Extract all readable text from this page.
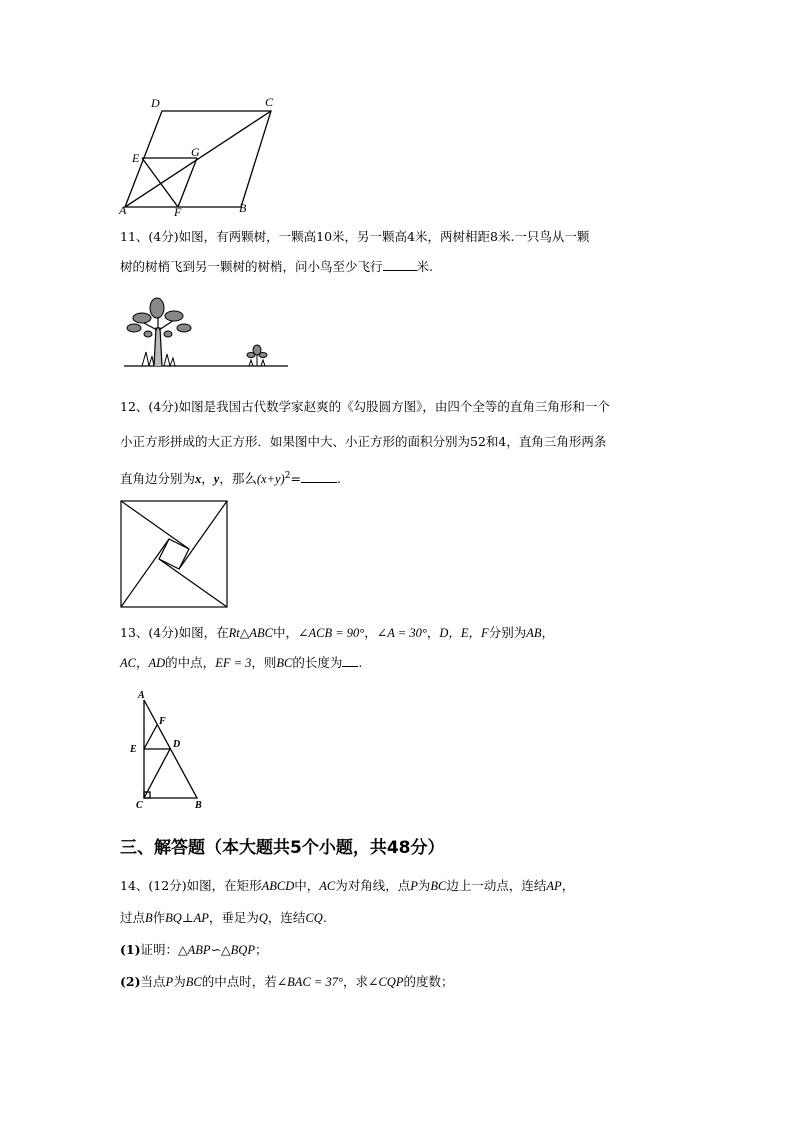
D	C
E	G
A	F	B
11、(4分)如图，有两颗树，一颗高10米，另一颗高4米，两树相距8米.一只鸟从一颗
树的树梢飞到另一颗树的树梢，问小鸟至少飞行	米.
12、(4分)如图是我国古代数学家赵爽的《勾股圆方图》，由四个全等的直角三角形和一个
小正方形拼成的大正方形．如果图中大、小正方形的面积分别为52和4，直角三角形两条
直角边分别为x，y，那么$(x+y)^2=$	.
13、(4分)如图，在Rt△ABC中，∠ACB = 90°，∠A = 30°，D，E，F分别为AB，
AC，AD的中点，EF = 3，则BC的长度为 .
A
F
E	D
C	B
三、解答题（本大题共5个小题，共48分）
14、(12分)如图，在矩形ABCD中，AC为对角线，点P为BC边上一动点，连结AP，
过点B作BQ⊥AP，垂足为Q，连结CQ.
(1)证明：△ABP∽△BQP；
(2)当点P为BC的中点时，若∠BAC = 37°，求∠CQP的度数；
